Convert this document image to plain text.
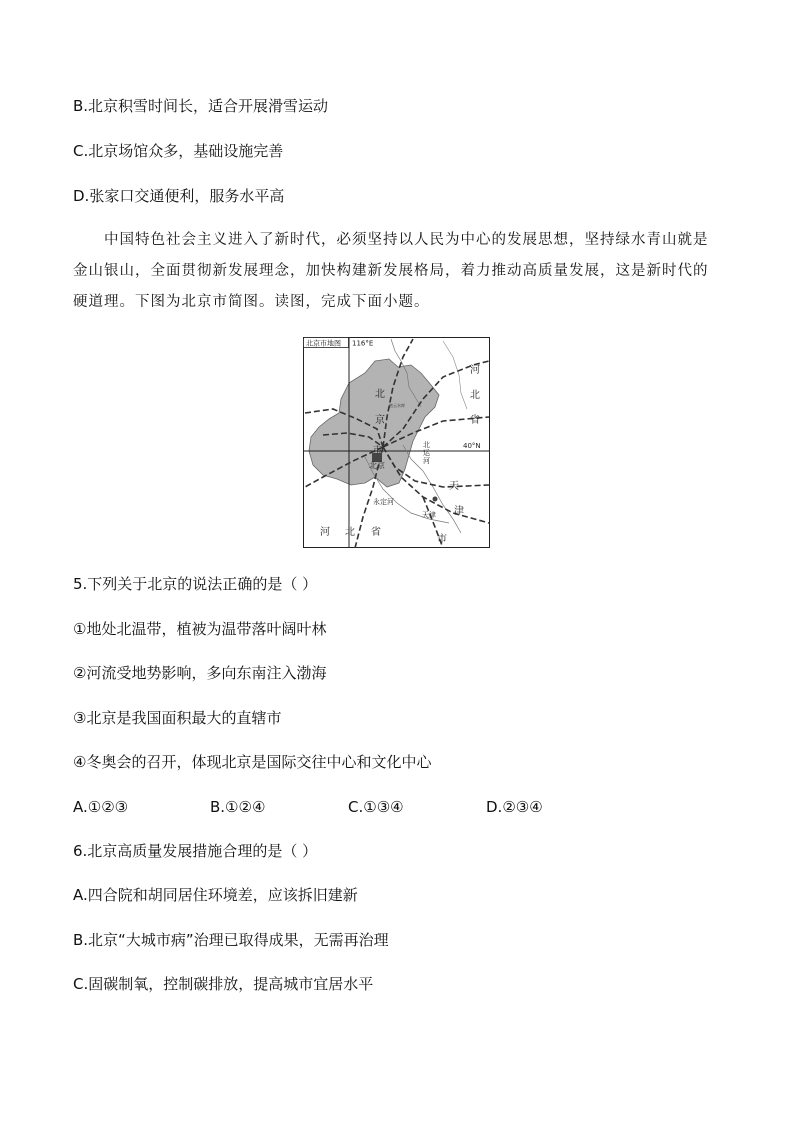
B.北京积雪时间长，适合开展滑雪运动
C.北京场馆众多，基础设施完善
D.张家口交通便利，服务水平高
中国特色社会主义进入了新时代，必须坚持以人民为中心的发展思想，坚持绿水青山就是金山银山，全面贯彻新发展理念，加快构建新发展格局，着力推动高质量发展，这是新时代的硬道理。下图为北京市简图。读图，完成下面小题。
北京市地图 116°E
40°N
河
北
省
北
京
市
北京
密云水库
北
运
河
永定河
天
津
市
天津
河 北 省
5.下列关于北京的说法正确的是（ ）
①地处北温带，植被为温带落叶阔叶林
②河流受地势影响，多向东南注入渤海
③北京是我国面积最大的直辖市
④冬奥会的召开，体现北京是国际交往中心和文化中心
A.①②③	B.①②④	C.①③④	D.②③④
6.北京高质量发展措施合理的是（ ）
A.四合院和胡同居住环境差，应该拆旧建新
B.北京“大城市病”治理已取得成果，无需再治理
C.固碳制氧，控制碳排放，提高城市宜居水平
